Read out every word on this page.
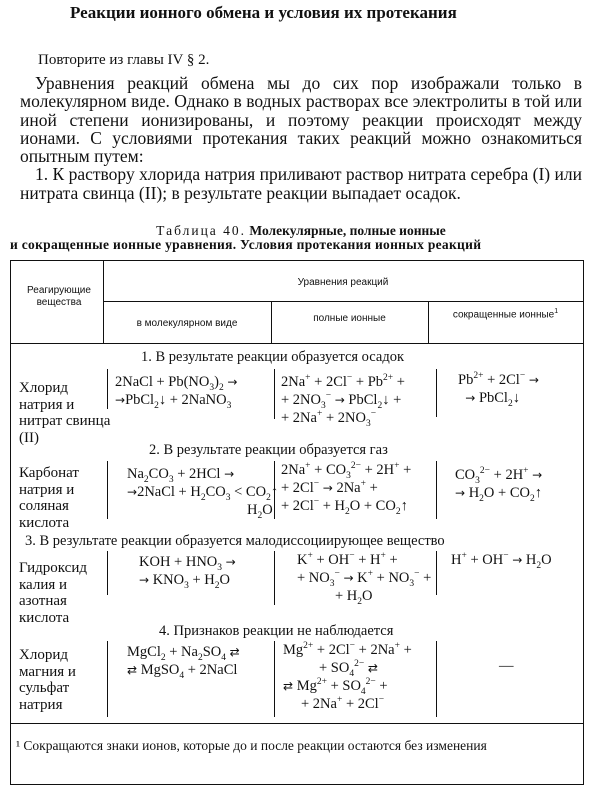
Реакции ионного обмена и условия их протекания
Повторите из главы IV § 2.
Уравнения реакций обмена мы до сих пор изображали только в молекулярном виде. Однако в водных растворах все электролиты в той или иной степени ионизированы, и поэтому реакции происходят между ионами. С условиями протекания таких реакций можно ознакомиться опытным путем:
1. К раствору хлорида натрия приливают раствор нитрата серебра (I) или нитрата свинца (II); в результате реакции выпадает осадок.
Таблица 40. Молекулярные, полные ионные
и сокращенные ионные уравнения. Условия протекания ионных реакций
Реагирующие вещества
Уравнения реакций
в молекулярном виде	полные ионные	сокращенные ионные$^1$
1. В результате реакции образуется осадок
Хлорид натрия и нитрат свинца (II)
2NaCl + $Pb(NO_3)_2$ →
→PbCl$_2$↓ + 2NaNO$_3$
$2Na^+ + 2Cl^- + Pb^{2+}$ +
+ $2NO_3^-$ → PbCl$_2$↓ +
+ $2Na^+ + 2NO_3^-$
$Pb^{2+} + 2Cl^-$ →
→ PbCl$_2$↓
2. В результате реакции образуется газ
Карбонат натрия и соляная кислота
$Na_2CO_3 + 2HCl$ →
→2NaCl + $H_2CO_3$ < $CO_2↑$
$H_2O$
$2Na^+ + CO_3^{2-} + 2H^+$ +
+ 2Cl− → 2Na+ +
+ $2Cl^- + H_2O$ + $CO_2↑$
$CO_3^{2-} + 2H^+$ →
→ $H_2O$ + $CO_2↑$
3. В результате реакции образуется малодиссоциирующее вещество
Гидроксид калия и азотная кислота
KOH + $HNO_3$ →
→ $KNO_3 + H_2O$
K+ + OH− + H+ +
+ $NO_3^- \to K^+ + NO_3^-$ +
+ $H_2O$
$H^+ + OH^- \to H_2O$
4. Признаков реакции не наблюдается
Хлорид магния и сульфат натрия
MgCl$_2$ + $Na_2SO_4$ ⇄
⇄ MgSO$_4$ + 2NaCl
$Mg^{2+} + 2Cl^- + 2Na^+$ +
+ $SO_4^{2-}$ ⇄
⇄ $Mg^{2+} + SO_4^{2-}$ +
+ 2Na+ + 2Cl−
—
¹ Сокращаются знаки ионов, которые до и после реакции остаются без изменения
